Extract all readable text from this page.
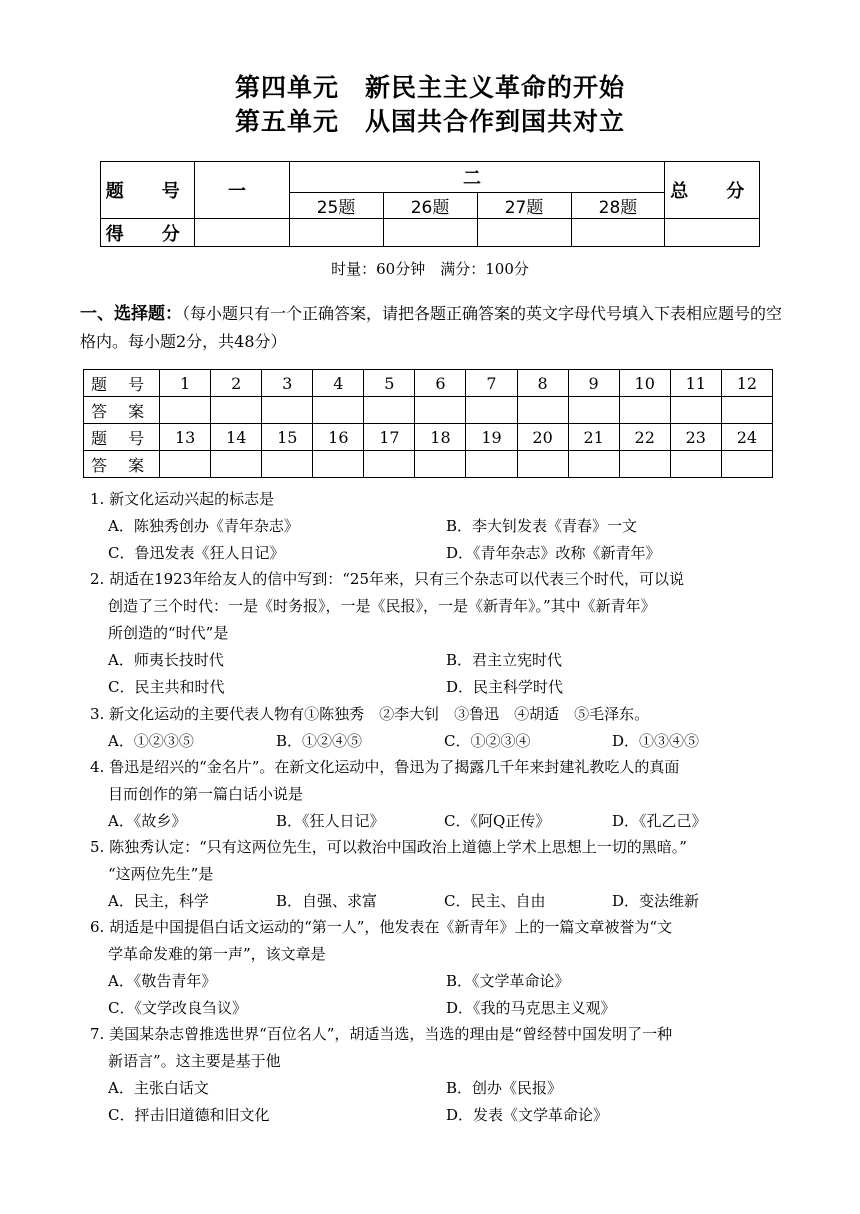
第四单元　新民主主义革命的开始
第五单元　从国共合作到国共对立
题　号	一	二				总　分
		25题	26题	27题	28题	
得　分						
时量：60分钟　满分：100分
一、选择题：（每小题只有一个正确答案，请把各题正确答案的英文字母代号填入下表相应题号的空格内。每小题2分，共48分）
题 号	1	2	3	4	5	6	7	8	9	10	11	12
答 案												
题 号	13	14	15	16	17	18	19	20	21	22	23	24
答 案												
1. 新文化运动兴起的标志是
A．陈独秀创办《青年杂志》	B．李大钊发表《青春》一文
C．鲁迅发表《狂人日记》	D．《青年杂志》改称《新青年》
2. 胡适在1923年给友人的信中写到：“25年来，只有三个杂志可以代表三个时代，可以说
创造了三个时代：一是《时务报》，一是《民报》，一是《新青年》。”其中《新青年》
所创造的“时代”是
A．师夷长技时代	B．君主立宪时代
C．民主共和时代	D．民主科学时代
3. 新文化运动的主要代表人物有①陈独秀　②李大钊　③鲁迅　④胡适　⑤毛泽东。
A．①②③⑤	B．①②④⑤	C．①②③④	D．①③④⑤
4. 鲁迅是绍兴的“金名片”。在新文化运动中，鲁迅为了揭露几千年来封建礼教吃人的真面
目而创作的第一篇白话小说是
A．《故乡》	B．《狂人日记》	C．《阿Q正传》	D．《孔乙己》
5. 陈独秀认定：“只有这两位先生，可以救治中国政治上道德上学术上思想上一切的黑暗。”
“这两位先生”是
A．民主，科学	B．自强、求富	C．民主、自由	D．变法维新
6. 胡适是中国提倡白话文运动的“第一人”，他发表在《新青年》上的一篇文章被誉为“文
学革命发难的第一声”，该文章是
A．《敬告青年》	B．《文学革命论》
C．《文学改良刍议》	D．《我的马克思主义观》
7. 美国某杂志曾推选世界“百位名人”，胡适当选，当选的理由是“曾经替中国发明了一种
新语言”。这主要是基于他
A．主张白话文	B．创办《民报》
C．抨击旧道德和旧文化	D．发表《文学革命论》
